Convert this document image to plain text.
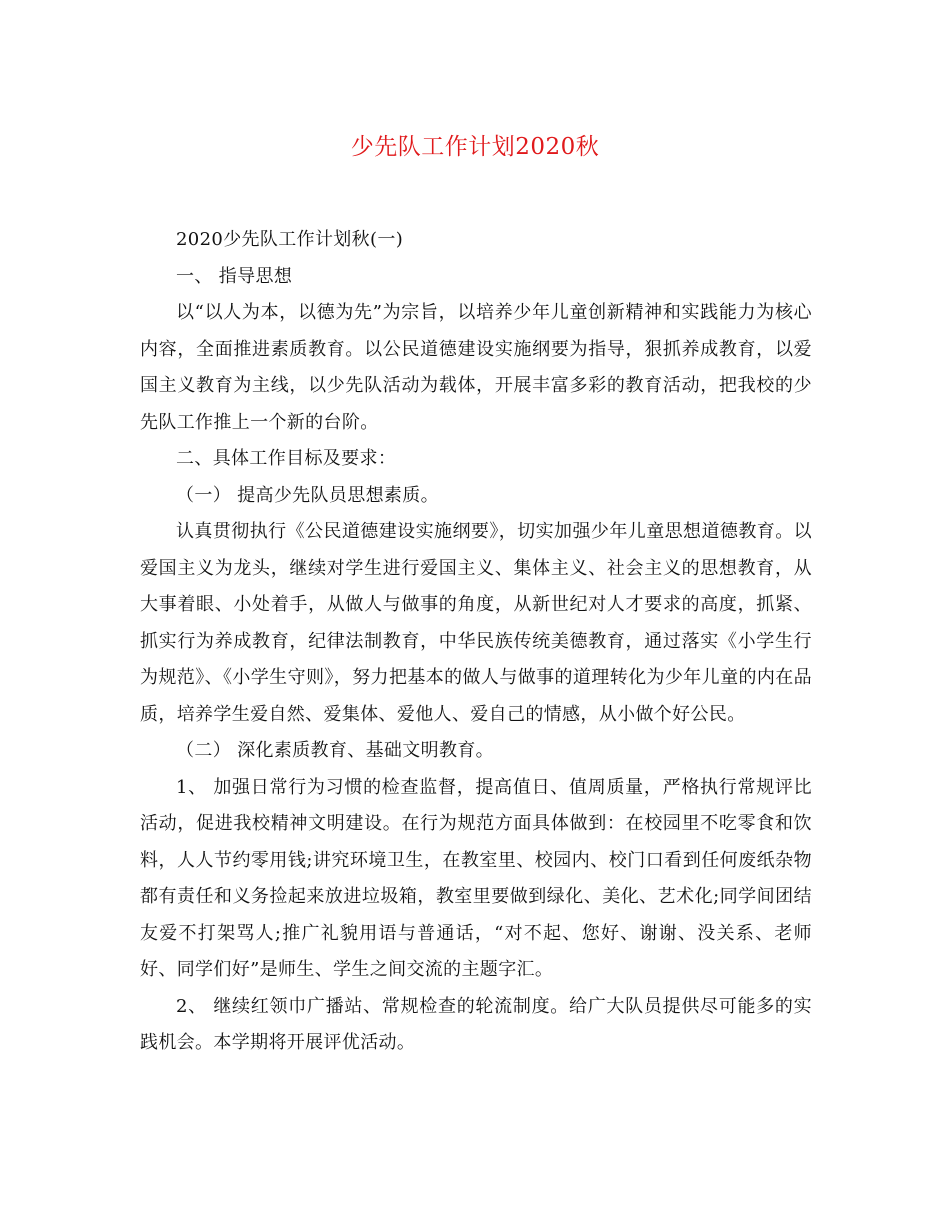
少先队工作计划2020秋

2020少先队工作计划秋(一)

一、 指导思想

以“以人为本，以德为先”为宗旨，以培养少年儿童创新精神和实践能力为核心内容，全面推进素质教育。以公民道德建设实施纲要为指导，狠抓养成教育，以爱国主义教育为主线，以少先队活动为载体，开展丰富多彩的教育活动，把我校的少先队工作推上一个新的台阶。

二、具体工作目标及要求：

（一） 提高少先队员思想素质。

认真贯彻执行《公民道德建设实施纲要》，切实加强少年儿童思想道德教育。以爱国主义为龙头，继续对学生进行爱国主义、集体主义、社会主义的思想教育，从大事着眼、小处着手，从做人与做事的角度，从新世纪对人才要求的高度，抓紧、抓实行为养成教育，纪律法制教育，中华民族传统美德教育，通过落实《小学生行为规范》、《小学生守则》，努力把基本的做人与做事的道理转化为少年儿童的内在品质，培养学生爱自然、爱集体、爱他人、爱自己的情感，从小做个好公民。

（二） 深化素质教育、基础文明教育。

1、 加强日常行为习惯的检查监督，提高值日、值周质量，严格执行常规评比活动，促进我校精神文明建设。在行为规范方面具体做到：在校园里不吃零食和饮料，人人节约零用钱;讲究环境卫生，在教室里、校园内、校门口看到任何废纸杂物都有责任和义务捡起来放进垃圾箱，教室里要做到绿化、美化、艺术化;同学间团结友爱不打架骂人;推广礼貌用语与普通话，“对不起、您好、谢谢、没关系、老师好、同学们好”是师生、学生之间交流的主题字汇。

2、 继续红领巾广播站、常规检查的轮流制度。给广大队员提供尽可能多的实践机会。本学期将开展评优活动。
